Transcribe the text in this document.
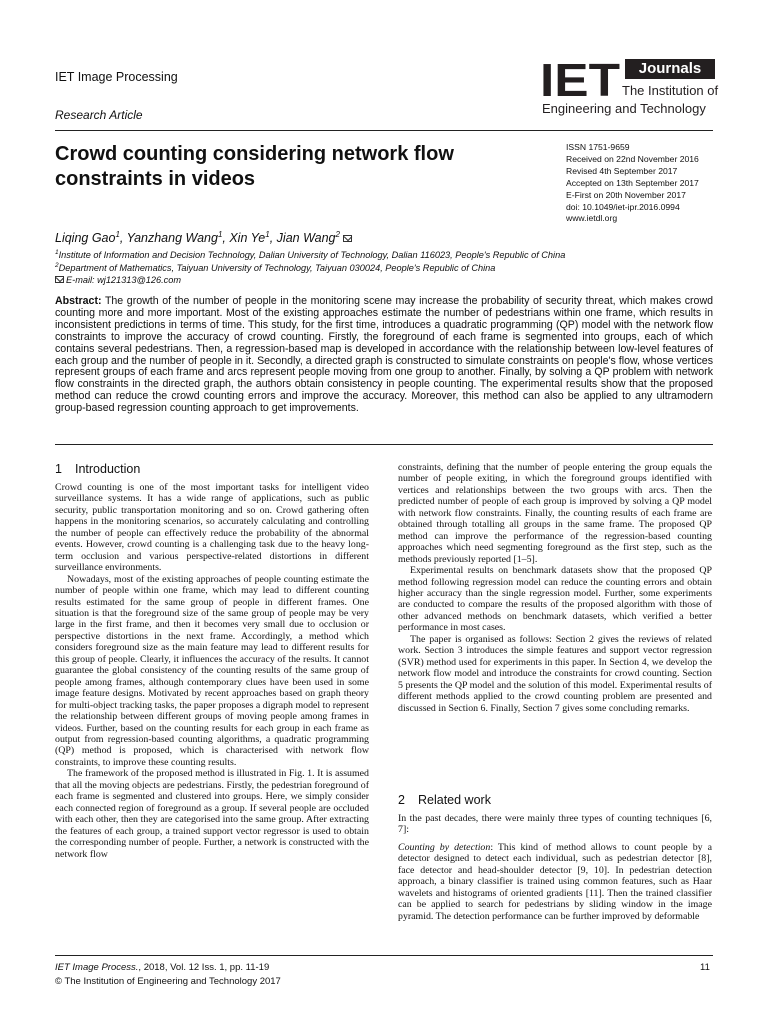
IET Image Processing
Research Article
IET	Journals
The Institution of
Engineering and Technology
Crowd counting considering network flow constraints in videos
ISSN 1751-9659
Received on 22nd November 2016
Revised 4th September 2017
Accepted on 13th September 2017
E-First on 20th November 2017
doi: 10.1049/iet-ipr.2016.0994
www.ietdl.org
Liqing Gao$^1$, Yanzhang Wang$^1$, Xin Ye$^1$, Jian Wang$^2$
$^1$Institute of Information and Decision Technology, Dalian University of Technology, Dalian 116023, People's Republic of China
$^2$Department of Mathematics, Taiyuan University of Technology, Taiyuan 030024, People's Republic of China
E-mail: wj121313@126.com
Abstract: The growth of the number of people in the monitoring scene may increase the probability of security threat, which makes crowd counting more and more important. Most of the existing approaches estimate the number of pedestrians within one frame, which results in inconsistent predictions in terms of time. This study, for the first time, introduces a quadratic programming (QP) model with the network flow constraints to improve the accuracy of crowd counting. Firstly, the foreground of each frame is segmented into groups, each of which contains several pedestrians. Then, a regression-based map is developed in accordance with the relationship between low-level features of each group and the number of people in it. Secondly, a directed graph is constructed to simulate constraints on people's flow, whose vertices represent groups of each frame and arcs represent people moving from one group to another. Finally, by solving a QP problem with network flow constraints in the directed graph, the authors obtain consistency in people counting. The experimental results show that the proposed method can reduce the crowd counting errors and improve the accuracy. Moreover, this method can also be applied to any ultramodern group-based regression counting approach to get improvements.
1 Introduction

Crowd counting is one of the most important tasks for intelligent video surveillance systems. It has a wide range of applications, such as public security, public transportation monitoring and so on. Crowd gathering often happens in the monitoring scenarios, so accurately calculating and controlling the number of people can effectively reduce the probability of the abnormal events. However, crowd counting is a challenging task due to the heavy long-term occlusion and various perspective-related distortions in different surveillance environments.

Nowadays, most of the existing approaches of people counting estimate the number of people within one frame, which may lead to different counting results estimated for the same group of people in different frames. One situation is that the foreground size of the same group of people may be very large in the first frame, and then it becomes very small due to occlusion or perspective distortions in the next frame. Accordingly, a method which considers foreground size as the main feature may lead to different results for this group of people. Clearly, it influences the accuracy of the results. It cannot guarantee the global consistency of the counting results of the same group of people among frames, although contemporary clues have been used in some image feature designs. Motivated by recent approaches based on graph theory for multi-object tracking tasks, the paper proposes a digraph model to represent the relationship between different groups of moving people among frames in videos. Further, based on the counting results for each group in each frame as output from regression-based counting algorithms, a quadratic programming (QP) method is proposed, which is characterised with network flow constraints, to improve these counting results.

The framework of the proposed method is illustrated in Fig. 1. It is assumed that all the moving objects are pedestrians. Firstly, the pedestrian foreground of each frame is segmented and clustered into groups. Here, we simply consider each connected region of foreground as a group. If several people are occluded with each other, then they are categorised into the same group. After extracting the features of each group, a trained support vector regressor is used to obtain the corresponding number of people. Further, a network is constructed with the network flow

constraints, defining that the number of people entering the group equals the number of people exiting, in which the foreground groups identified with vertices and relationships between the two groups with arcs. Then the predicted number of people of each group is improved by solving a QP model with network flow constraints. Finally, the counting results of each frame are obtained through totalling all groups in the same frame. The proposed QP method can improve the performance of the regression-based counting approaches which need segmenting foreground as the first step, such as the methods previously reported [1–5].

Experimental results on benchmark datasets show that the proposed QP method following regression model can reduce the counting errors and obtain higher accuracy than the single regression model. Further, some experiments are conducted to compare the results of the proposed algorithm with those of other advanced methods on benchmark datasets, which verified a better performance in most cases.

The paper is organised as follows: Section 2 gives the reviews of related work. Section 3 introduces the simple features and support vector regression (SVR) method used for experiments in this paper. In Section 4, we develop the network flow model and introduce the constraints for crowd counting. Section 5 presents the QP model and the solution of this model. Experimental results of different methods applied to the crowd counting problem are presented and discussed in Section 6. Finally, Section 7 gives some concluding remarks.

2 Related work

In the past decades, there were mainly three types of counting techniques [6, 7]:

Counting by detection: This kind of method allows to count people by a detector designed to detect each individual, such as pedestrian detector [8], face detector and head-shoulder detector [9, 10]. In pedestrian detection approach, a binary classifier is trained using common features, such as Haar wavelets and histograms of oriented gradients [11]. Then the trained classifier can be applied to search for pedestrians by sliding window in the image pyramid. The detection performance can be further improved by deformable

IET Image Process., 2018, Vol. 12 Iss. 1, pp. 11-19
© The Institution of Engineering and Technology 2017
11
